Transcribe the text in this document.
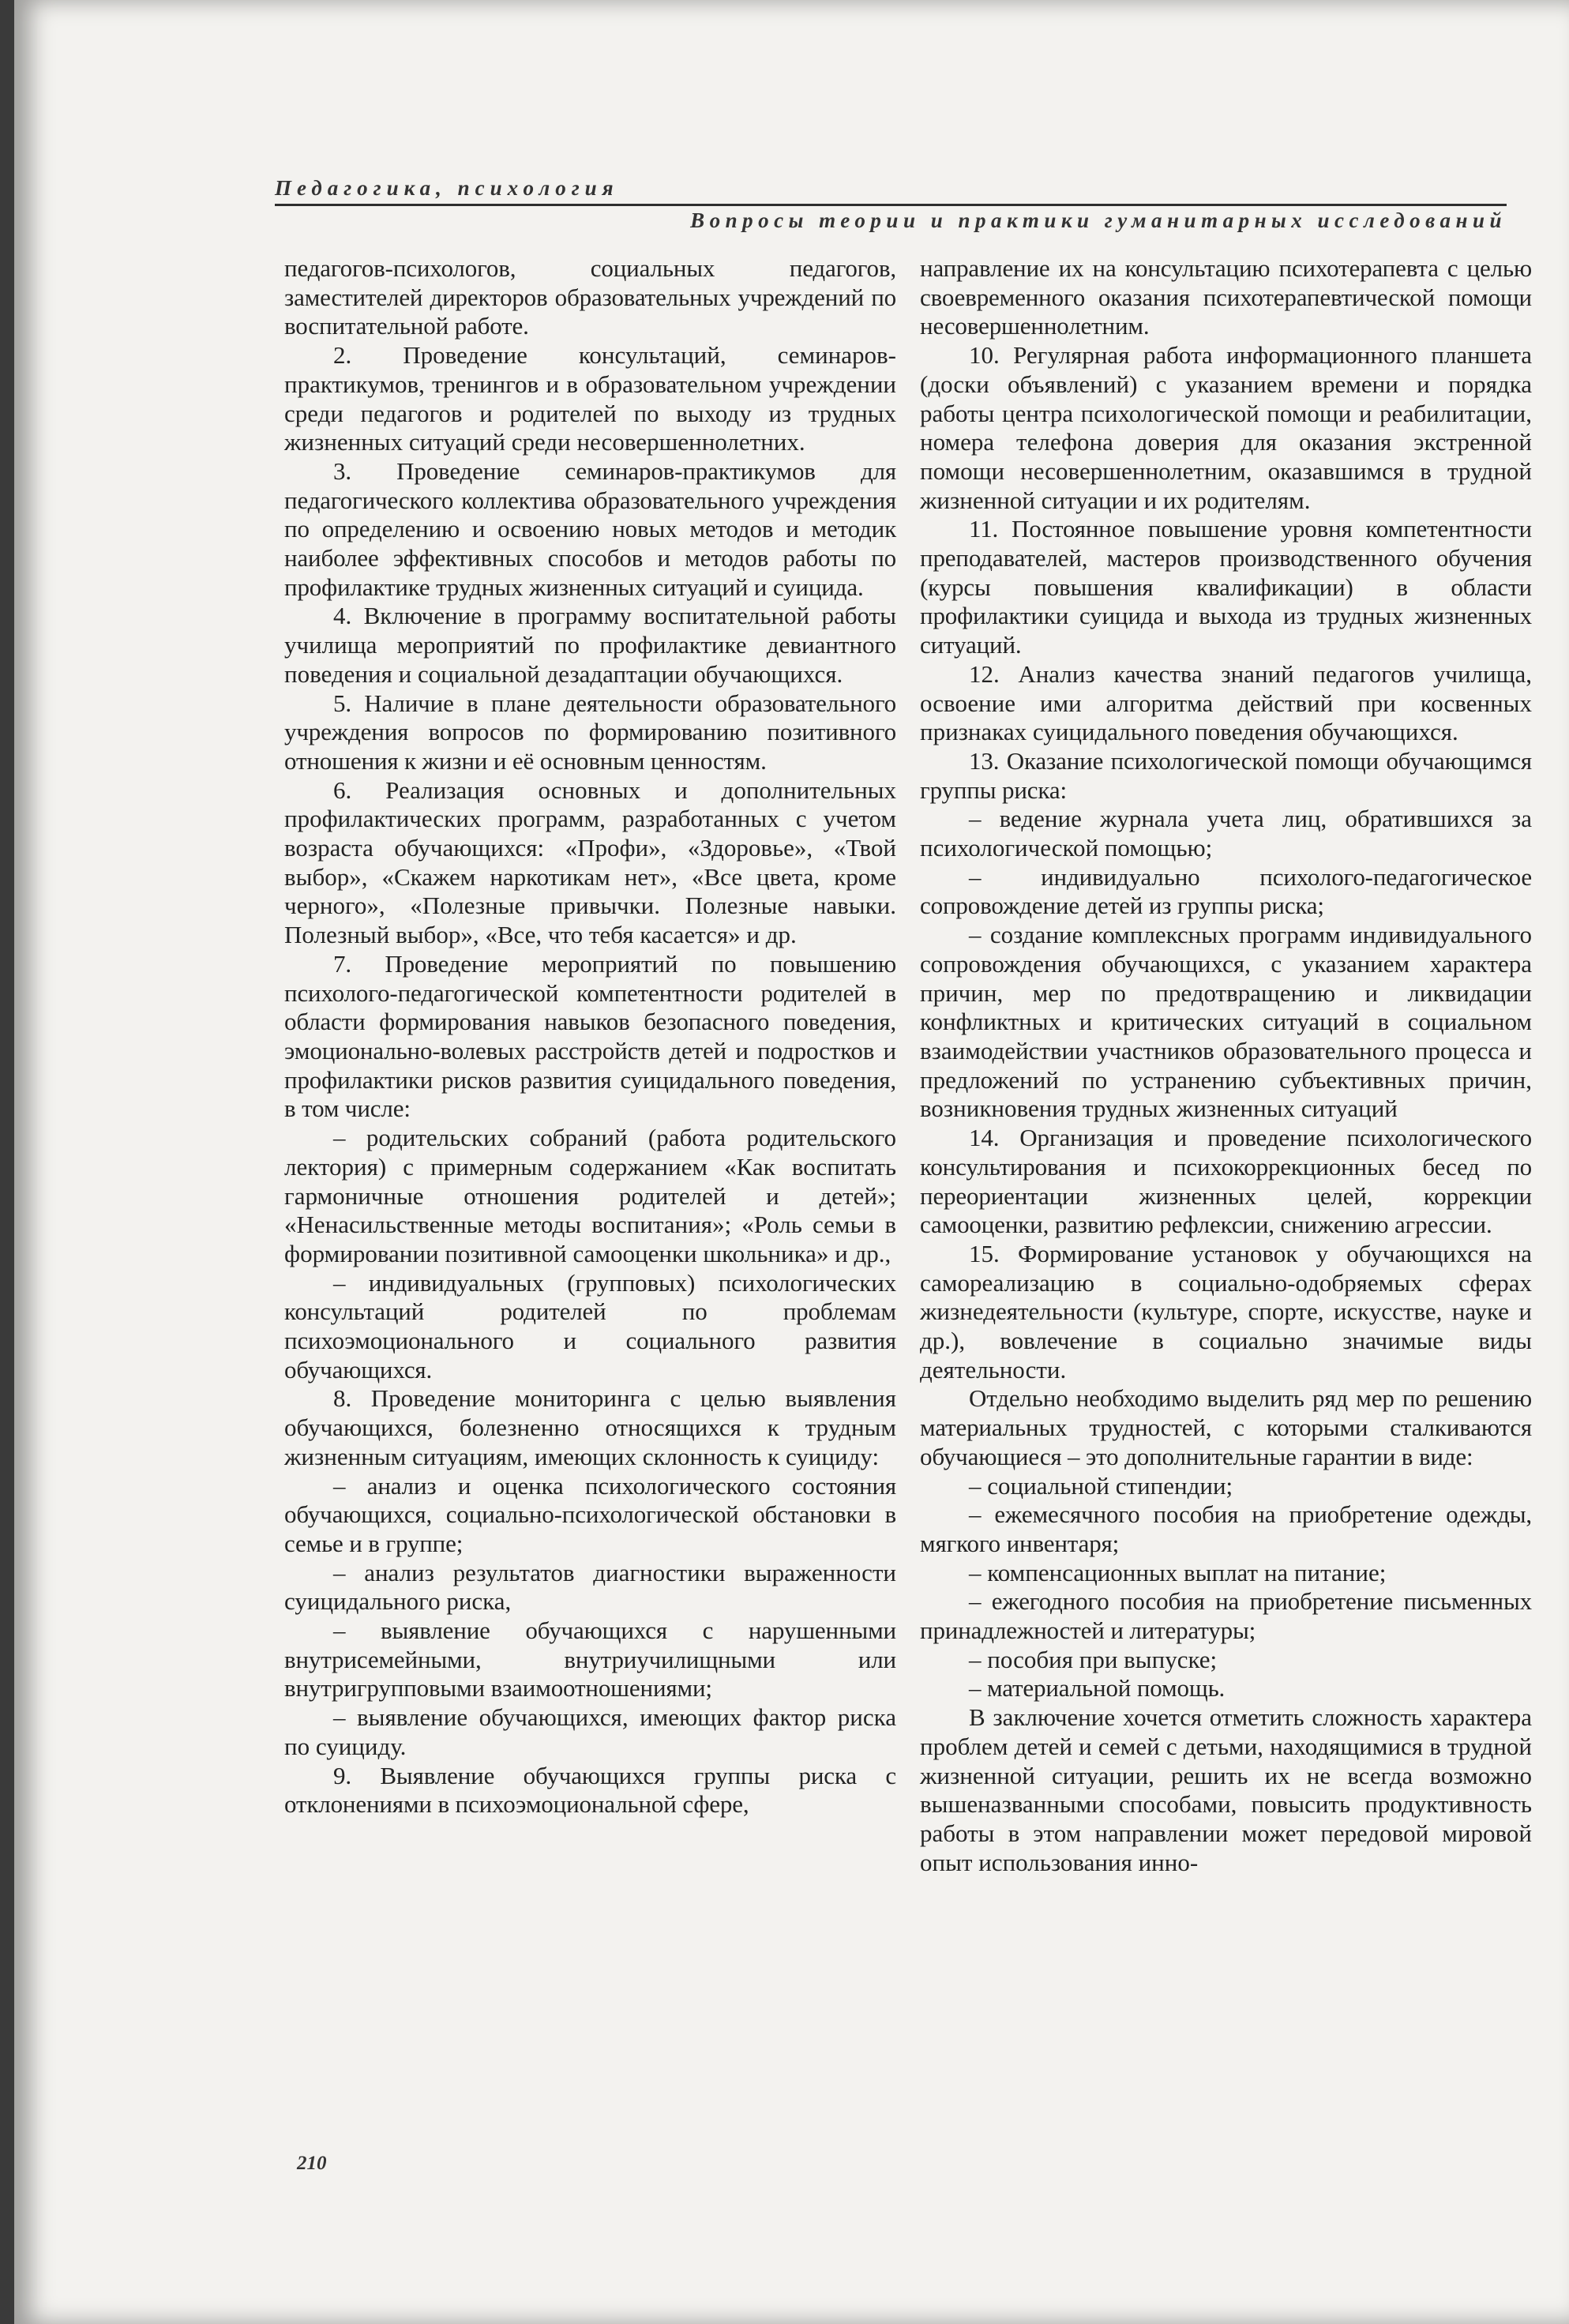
Педагогика, психология
Вопросы теории и практики гуманитарных исследований

педагогов-психологов, социальных педагогов, заместителей директоров образовательных учреждений по воспитательной работе.

2. Проведение консультаций, семинаров-практикумов, тренингов и в образовательном учреждении среди педагогов и родителей по выходу из трудных жизненных ситуаций среди несовершеннолетних.

3. Проведение семинаров-практикумов для педагогического коллектива образовательного учреждения по определению и освоению новых методов и методик наиболее эффективных способов и методов работы по профилактике трудных жизненных ситуаций и суицида.

4. Включение в программу воспитательной работы училища мероприятий по профилактике девиантного поведения и социальной дезадаптации обучающихся.

5. Наличие в плане деятельности образовательного учреждения вопросов по формированию позитивного отношения к жизни и её основным ценностям.

6. Реализация основных и дополнительных профилактических программ, разработанных с учетом возраста обучающихся: «Профи», «Здоровье», «Твой выбор», «Скажем наркотикам нет», «Все цвета, кроме черного», «Полезные привычки. Полезные навыки. Полезный выбор», «Все, что тебя касается» и др.

7. Проведение мероприятий по повышению психолого-педагогической компетентности родителей в области формирования навыков безопасного поведения, эмоционально-волевых расстройств детей и подростков и профилактики рисков развития суицидального поведения, в том числе:

– родительских собраний (работа родительского лектория) с примерным содержанием «Как воспитать гармоничные отношения родителей и детей»; «Ненасильственные методы воспитания»; «Роль семьи в формировании позитивной самооценки школьника» и др.,

– индивидуальных (групповых) психологических консультаций родителей по проблемам психоэмоционального и социального развития обучающихся.

8. Проведение мониторинга с целью выявления обучающихся, болезненно относящихся к трудным жизненным ситуациям, имеющих склонность к суициду:

– анализ и оценка психологического состояния обучающихся, социально-психологической обстановки в семье и в группе;

– анализ результатов диагностики выраженности суицидального риска,

– выявление обучающихся с нарушенными внутрисемейными, внутриучилищными или внутригрупповыми взаимоотношениями;

– выявление обучающихся, имеющих фактор риска по суициду.

9. Выявление обучающихся группы риска с отклонениями в психоэмоциональной сфере,

направление их на консультацию психотерапевта с целью своевременного оказания психотерапевтической помощи несовершеннолетним.

10. Регулярная работа информационного планшета (доски объявлений) с указанием времени и порядка работы центра психологической помощи и реабилитации, номера телефона доверия для оказания экстренной помощи несовершеннолетним, оказавшимся в трудной жизненной ситуации и их родителям.

11. Постоянное повышение уровня компетентности преподавателей, мастеров производственного обучения (курсы повышения квалификации) в области профилактики суицида и выхода из трудных жизненных ситуаций.

12. Анализ качества знаний педагогов училища, освоение ими алгоритма действий при косвенных признаках суицидального поведения обучающихся.

13. Оказание психологической помощи обучающимся группы риска:

– ведение журнала учета лиц, обратившихся за психологической помощью;

– индивидуально психолого-педагогическое сопровождение детей из группы риска;

– создание комплексных программ индивидуального сопровождения обучающихся, с указанием характера причин, мер по предотвращению и ликвидации конфликтных и критических ситуаций в социальном взаимодействии участников образовательного процесса и предложений по устранению субъективных причин, возникновения трудных жизненных ситуаций

14. Организация и проведение психологического консультирования и психокоррекционных бесед по переориентации жизненных целей, коррекции самооценки, развитию рефлексии, снижению агрессии.

15. Формирование установок у обучающихся на самореализацию в социально-одобряемых сферах жизнедеятельности (культуре, спорте, искусстве, науке и др.), вовлечение в социально значимые виды деятельности.

Отдельно необходимо выделить ряд мер по решению материальных трудностей, с которыми сталкиваются обучающиеся – это дополнительные гарантии в виде:

– социальной стипендии;

– ежемесячного пособия на приобретение одежды, мягкого инвентаря;

– компенсационных выплат на питание;

– ежегодного пособия на приобретение письменных принадлежностей и литературы;

– пособия при выпуске;

– материальной помощь.

В заключение хочется отметить сложность характера проблем детей и семей с детьми, находящимися в трудной жизненной ситуации, решить их не всегда возможно вышеназванными способами, повысить продуктивность работы в этом направлении может передовой мировой опыт использования инно-

210
